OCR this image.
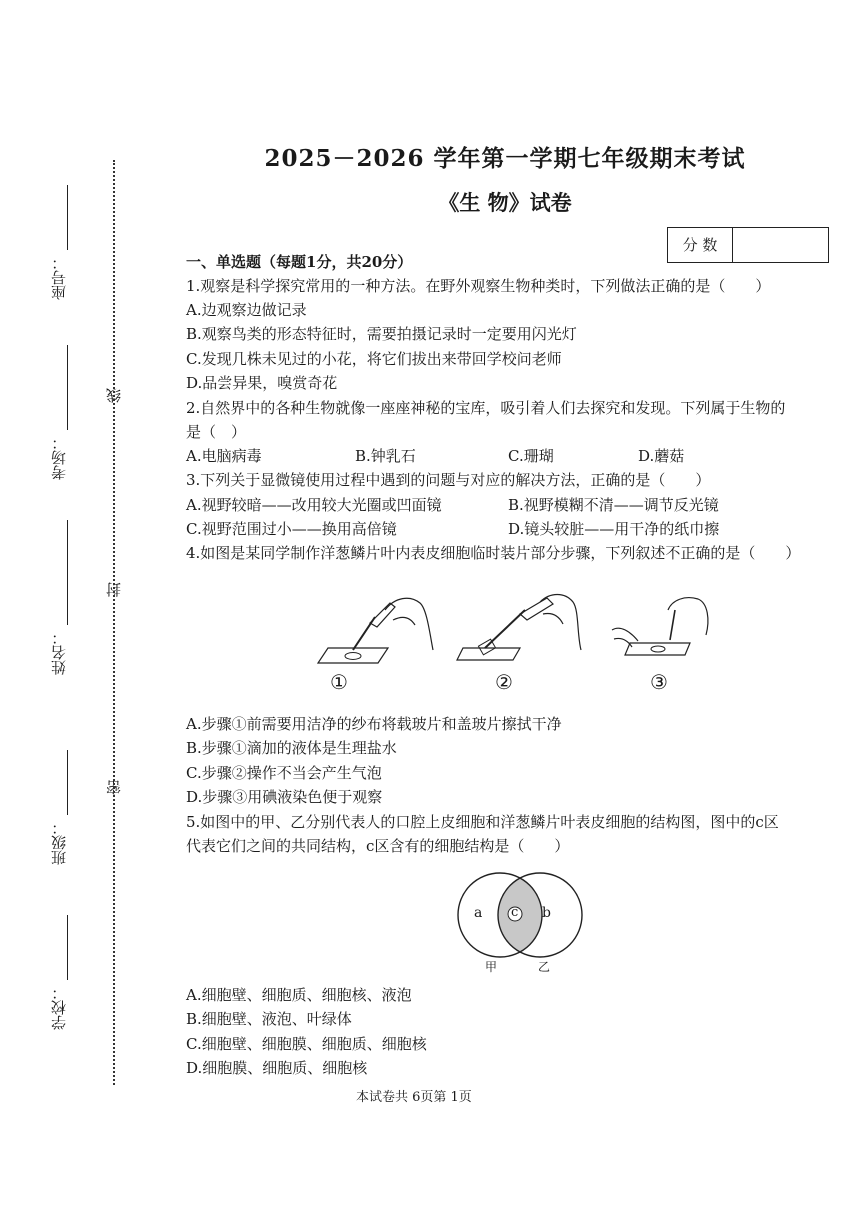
座号：
考场：
姓名：
班级：
学校：
线
封
密
2025－2026 学年第一学期七年级期末考试
《生 物》试卷
分 数
一、单选题（每题1分，共20分）
1.观察是科学探究常用的一种方法。在野外观察生物种类时，下列做法正确的是（　　）
A.边观察边做记录
B.观察鸟类的形态特征时，需要拍摄记录时一定要用闪光灯
C.发现几株未见过的小花，将它们拔出来带回学校问老师
D.品尝异果，嗅赏奇花
2.自然界中的各种生物就像一座座神秘的宝库，吸引着人们去探究和发现。下列属于生物的
是（　）
A.电脑病毒	B.钟乳石	C.珊瑚	D.蘑菇
3.下列关于显微镜使用过程中遇到的问题与对应的解决方法，正确的是（　　）
A.视野较暗——改用较大光圈或凹面镜	B.视野模糊不清——调节反光镜
C.视野范围过小——换用高倍镜	D.镜头较脏——用干净的纸巾擦
4.如图是某同学制作洋葱鳞片叶内表皮细胞临时装片部分步骤，下列叙述不正确的是（　　）
①	②	③
A.步骤①前需要用洁净的纱布将载玻片和盖玻片擦拭干净
B.步骤①滴加的液体是生理盐水
C.步骤②操作不当会产生气泡
D.步骤③用碘液染色便于观察
5.如图中的甲、乙分别代表人的口腔上皮细胞和洋葱鳞片叶表皮细胞的结构图，图中的c区
代表它们之间的共同结构，c区含有的细胞结构是（　　）
a c b
甲	乙
A.细胞壁、细胞质、细胞核、液泡
B.细胞壁、液泡、叶绿体
C.细胞壁、细胞膜、细胞质、细胞核
D.细胞膜、细胞质、细胞核
本试卷共 6页第 1页
